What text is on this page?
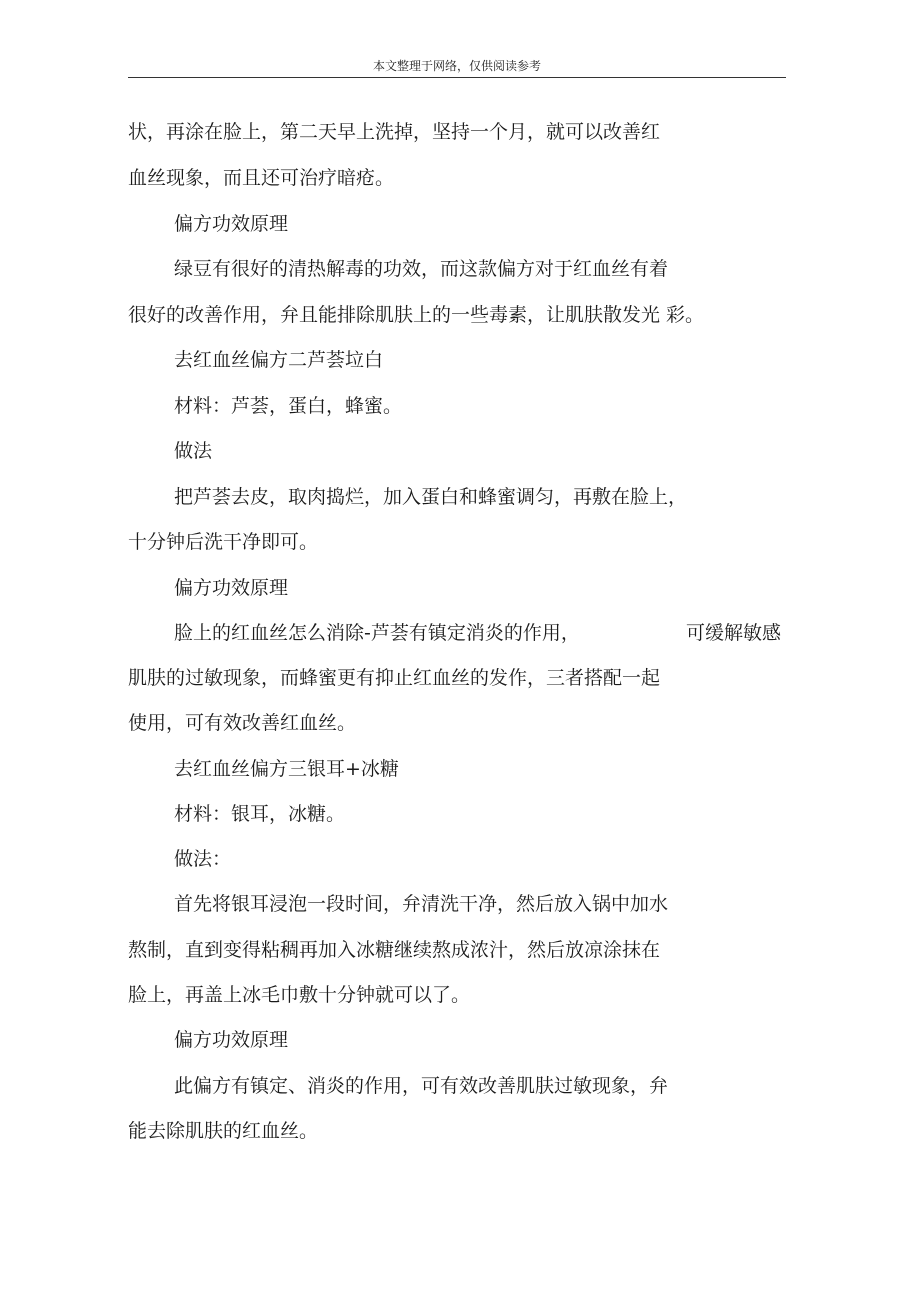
本文整理于网络，仅供阅读参考
状，再涂在脸上，第二天早上洗掉，坚持一个月，就可以改善红
血丝现象，而且还可治疗暗疮。
偏方功效原理
绿豆有很好的清热解毒的功效，而这款偏方对于红血丝有着
很好的改善作用，弁且能排除肌肤上的一些毒素，让肌肤散发光 彩。
去红血丝偏方二芦荟垃白
材料：芦荟，蛋白，蜂蜜。
做法
把芦荟去皮，取肉捣烂，加入蛋白和蜂蜜调匀，再敷在脸上，
十分钟后洗干净即可。
偏方功效原理
脸上的红血丝怎么消除-芦荟有镇定消炎的作用，	可缓解敏感
肌肤的过敏现象，而蜂蜜更有抑止红血丝的发作，三者搭配一起
使用，可有效改善红血丝。
去红血丝偏方三银耳+冰糖
材料：银耳，冰糖。
做法：
首先将银耳浸泡一段时间，弁清洗干净，然后放入锅中加水
熬制，直到变得粘稠再加入冰糖继续熬成浓汁，然后放凉涂抹在
脸上，再盖上冰毛巾敷十分钟就可以了。
偏方功效原理
此偏方有镇定、消炎的作用，可有效改善肌肤过敏现象，弁
能去除肌肤的红血丝。
